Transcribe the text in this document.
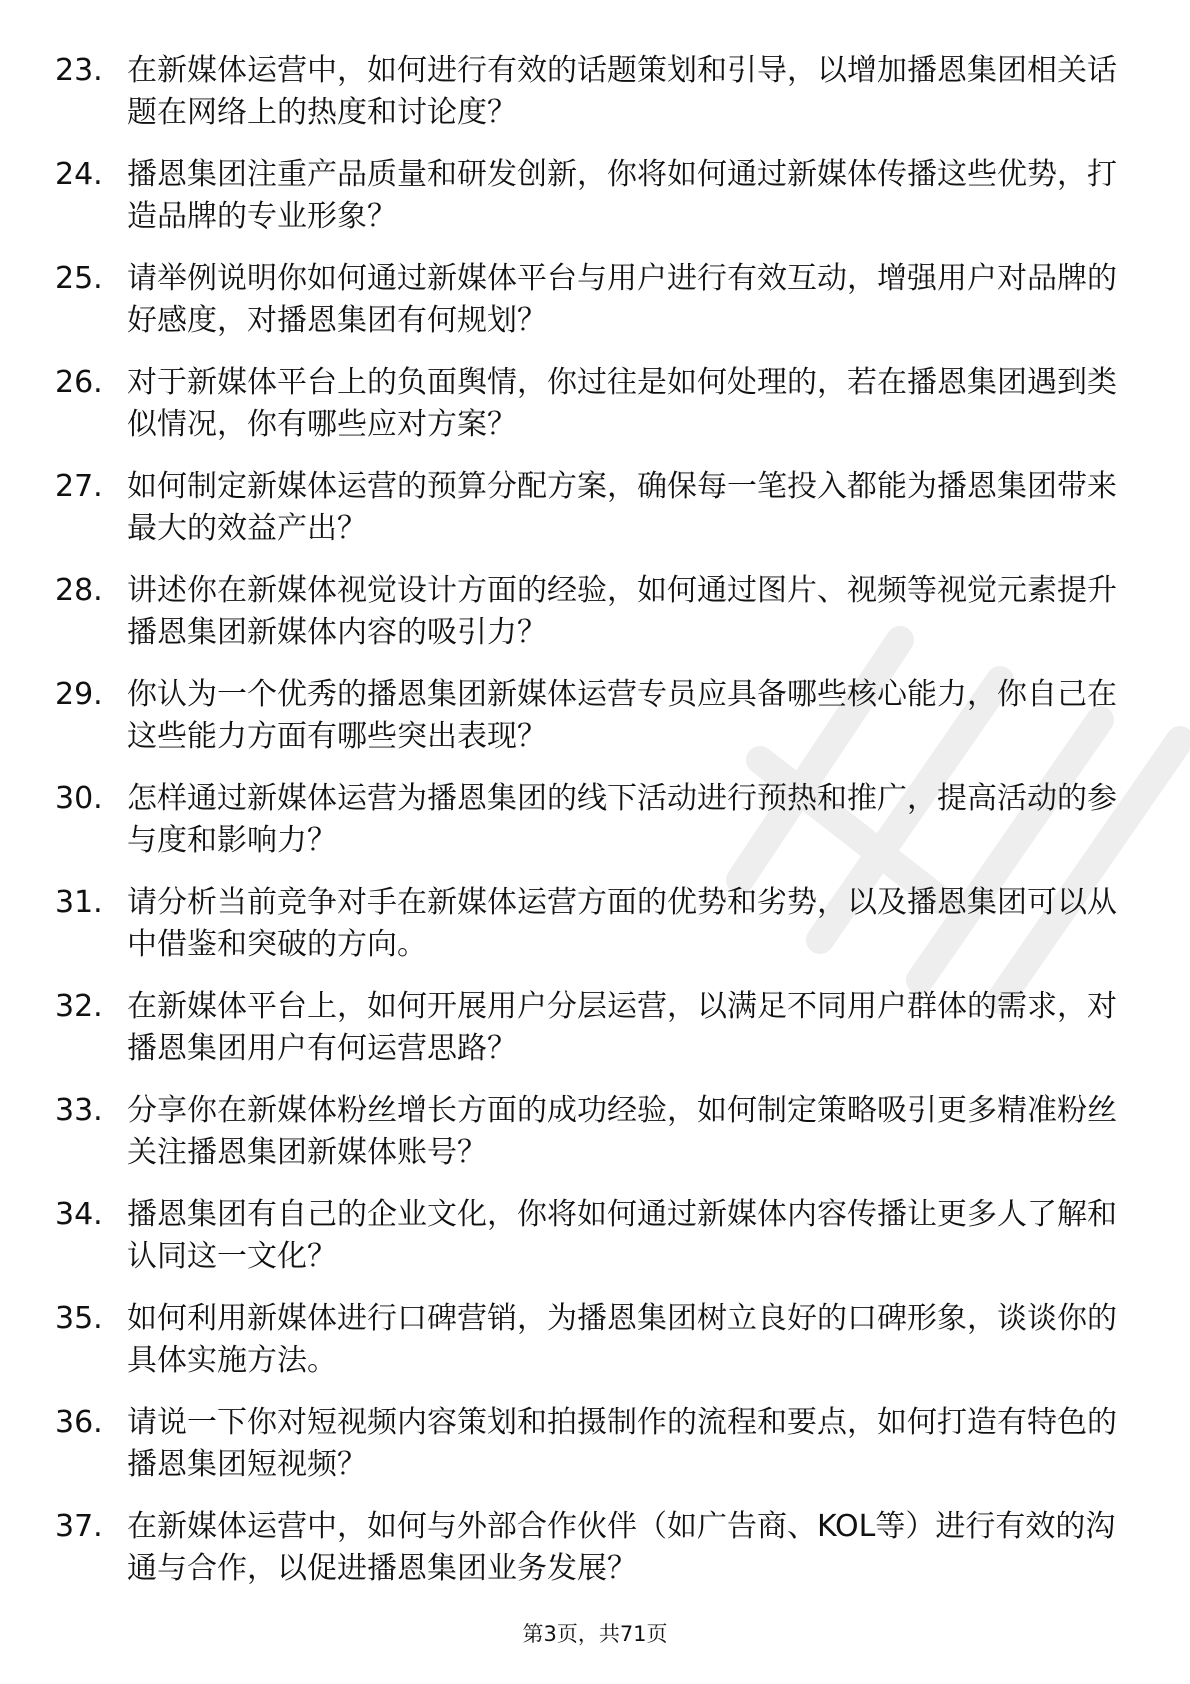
23. 在新媒体运营中，如何进行有效的话题策划和引导，以增加播恩集团相关话题在网络上的热度和讨论度？
24. 播恩集团注重产品质量和研发创新，你将如何通过新媒体传播这些优势，打造品牌的专业形象？
25. 请举例说明你如何通过新媒体平台与用户进行有效互动，增强用户对品牌的好感度，对播恩集团有何规划？
26. 对于新媒体平台上的负面舆情，你过往是如何处理的，若在播恩集团遇到类似情况，你有哪些应对方案？
27. 如何制定新媒体运营的预算分配方案，确保每一笔投入都能为播恩集团带来最大的效益产出？
28. 讲述你在新媒体视觉设计方面的经验，如何通过图片、视频等视觉元素提升播恩集团新媒体内容的吸引力？
29. 你认为一个优秀的播恩集团新媒体运营专员应具备哪些核心能力，你自己在这些能力方面有哪些突出表现？
30. 怎样通过新媒体运营为播恩集团的线下活动进行预热和推广，提高活动的参与度和影响力？
31. 请分析当前竞争对手在新媒体运营方面的优势和劣势，以及播恩集团可以从中借鉴和突破的方向。
32. 在新媒体平台上，如何开展用户分层运营，以满足不同用户群体的需求，对播恩集团用户有何运营思路？
33. 分享你在新媒体粉丝增长方面的成功经验，如何制定策略吸引更多精准粉丝关注播恩集团新媒体账号？
34. 播恩集团有自己的企业文化，你将如何通过新媒体内容传播让更多人了解和认同这一文化？
35. 如何利用新媒体进行口碑营销，为播恩集团树立良好的口碑形象，谈谈你的具体实施方法。
36. 请说一下你对短视频内容策划和拍摄制作的流程和要点，如何打造有特色的播恩集团短视频？
37. 在新媒体运营中，如何与外部合作伙伴（如广告商、KOL等）进行有效的沟通与合作，以促进播恩集团业务发展？
第3页，共71页
